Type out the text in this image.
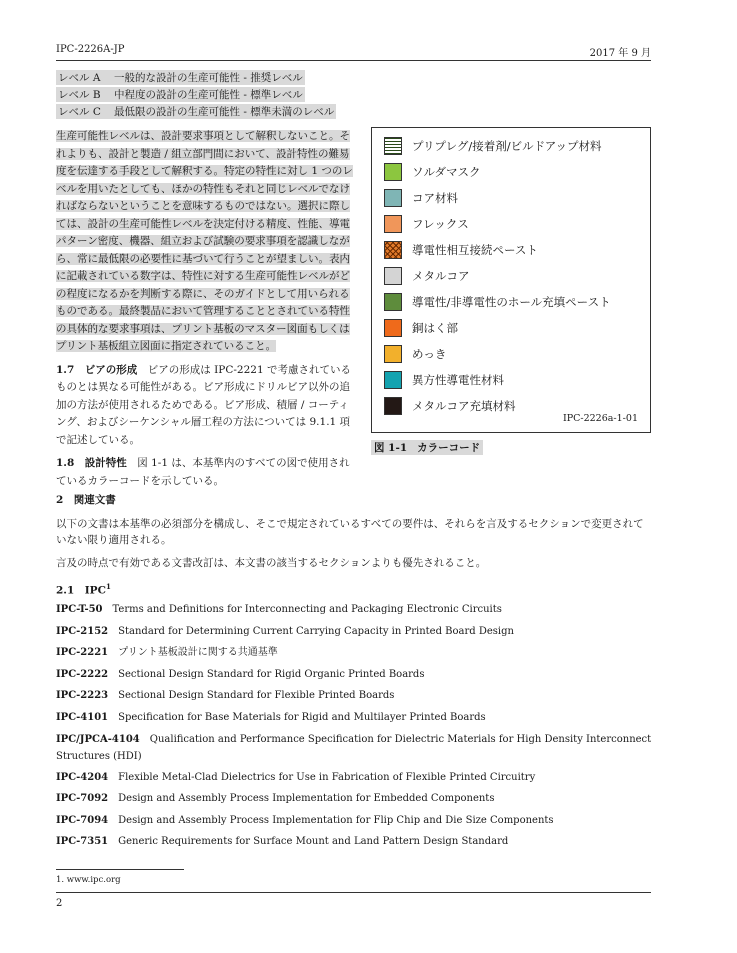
IPC-2226A-JP	2017 年 9 月
レベル A 一般的な設計の生産可能性 - 推奨レベル
レベル B 中程度の設計の生産可能性 - 標準レベル
レベル C 最低限の設計の生産可能性 - 標準未満のレベル

生産可能性レベルは、設計要求事項として解釈しないこと。それよりも、設計と製造 / 組立部門間において、設計特性の難易度を伝達する手段として解釈する。特定の特性に対し 1 つのレベルを用いたとしても、ほかの特性もそれと同じレベルでなければならないということを意味するものではない。選択に際しては、設計の生産可能性レベルを決定付ける精度、性能、導電パターン密度、機器、組立および試験の要求事項を認識しながら、常に最低限の必要性に基づいて行うことが望ましい。表内に記載されている数字は、特性に対する生産可能性レベルがどの程度になるかを判断する際に、そのガイドとして用いられるものである。最終製品において管理することとされている特性の具体的な要求事項は、プリント基板のマスター図面もしくはプリント基板組立図面に指定されていること。

1.7　ビアの形成　 ビアの形成は IPC-2221 で考慮されているものとは異なる可能性がある。ビア形成にドリルビア以外の追加の方法が使用されるためである。ビア形成、積層 / コーティング、およびシーケンシャル層工程の方法については 9.1.1 項で記述している。

1.8　設計特性　 図 1-1 は、本基準内のすべての図で使用されているカラーコードを示している。

プリプレグ/接着剤/ビルドアップ材料
ソルダマスク
コア材料
フレックス
導電性相互接続ペースト
メタルコア
導電性/非導電性のホール充填ペースト
銅はく部
めっき
異方性導電性材料
メタルコア充填材料
IPC-2226a-1-01
図 1-1 カラーコード
2　関連文書
以下の文書は本基準の必須部分を構成し、そこで規定されているすべての要件は、それらを言及するセクションで変更されていない限り適用される。
言及の時点で有効である文書改訂は、本文書の該当するセクションよりも優先されること。
2.1　IPC$^1$
IPC-T-50 Terms and Definitions for Interconnecting and Packaging Electronic Circuits
IPC-2152 Standard for Determining Current Carrying Capacity in Printed Board Design
IPC-2221 プリント基板設計に関する共通基準
IPC-2222 Sectional Design Standard for Rigid Organic Printed Boards
IPC-2223 Sectional Design Standard for Flexible Printed Boards
IPC-4101 Specification for Base Materials for Rigid and Multilayer Printed Boards
IPC/JPCA-4104 Qualification and Performance Specification for Dielectric Materials for High Density Interconnect Structures (HDI)
IPC-4204 Flexible Metal-Clad Dielectrics for Use in Fabrication of Flexible Printed Circuitry
IPC-7092 Design and Assembly Process Implementation for Embedded Components
IPC-7094 Design and Assembly Process Implementation for Flip Chip and Die Size Components
IPC-7351 Generic Requirements for Surface Mount and Land Pattern Design Standard
1. www.ipc.org
2
